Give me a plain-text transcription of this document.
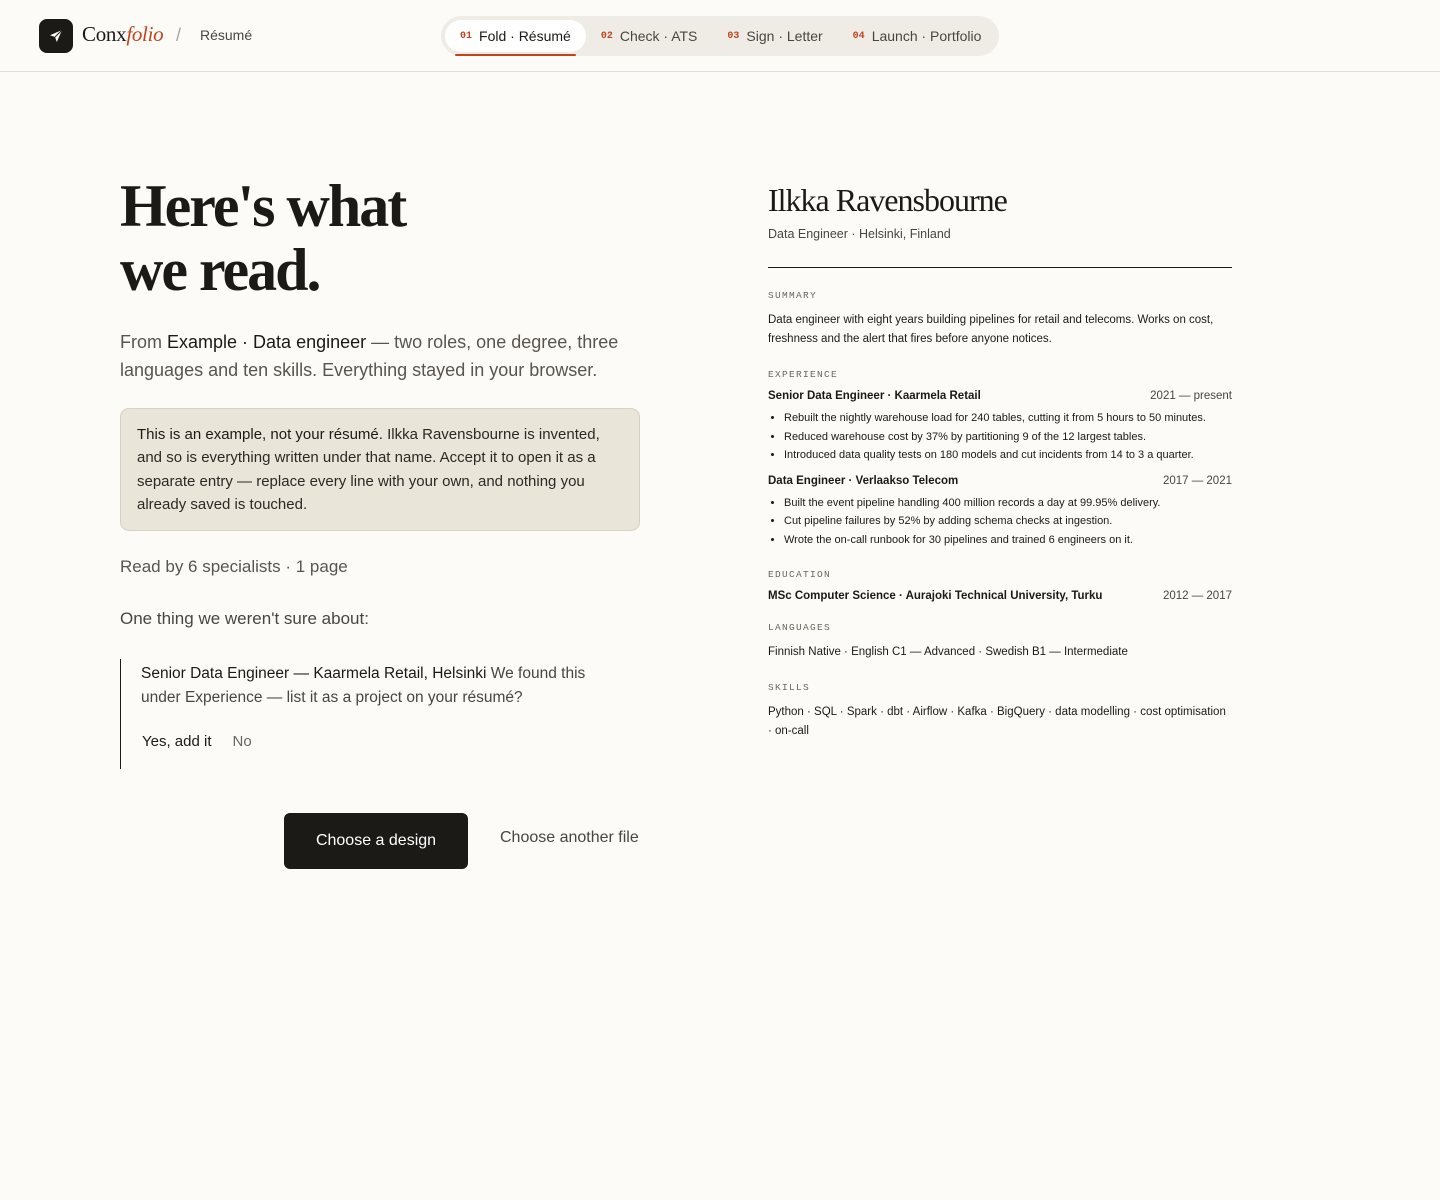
Conxfolio / Résumé	01 Fold · Résumé	02 Check · ATS	03 Sign · Letter	04 Launch · Portfolio
Here's what
we read.

From Example · Data engineer — two roles, one degree, three languages and ten skills. Everything stayed in your browser.

This is an example, not your résumé. Ilkka Ravensbourne is invented, and so is everything written under that name. Accept it to open it as a separate entry — replace every line with your own, and nothing you already saved is touched.

Read by 6 specialists · 1 page

One thing we weren't sure about:

Senior Data Engineer — Kaarmela Retail, Helsinki We found this under Experience — list it as a project on your résumé?

Yes, add it No
Choose a design	Choose another file
Ilkka Ravensbourne
Data Engineer · Helsinki, Finland
SUMMARY

Data engineer with eight years building pipelines for retail and telecoms. Works on cost, freshness and the alert that fires before anyone notices.

EXPERIENCE
Senior Data Engineer · Kaarmela Retail	2021 — present
• Rebuilt the nightly warehouse load for 240 tables, cutting it from 5 hours to 50 minutes.
• Reduced warehouse cost by 37% by partitioning 9 of the 12 largest tables.
• Introduced data quality tests on 180 models and cut incidents from 14 to 3 a quarter.
Data Engineer · Verlaakso Telecom	2017 — 2021
• Built the event pipeline handling 400 million records a day at 99.95% delivery.
• Cut pipeline failures by 52% by adding schema checks at ingestion.
• Wrote the on-call runbook for 30 pipelines and trained 6 engineers on it.
EDUCATION
MSc Computer Science · Aurajoki Technical University, Turku	2012 — 2017
LANGUAGES

Finnish Native · English C1 — Advanced · Swedish B1 — Intermediate

SKILLS

Python · SQL · Spark · dbt · Airflow · Kafka · BigQuery · data modelling · cost optimisation · on-call
